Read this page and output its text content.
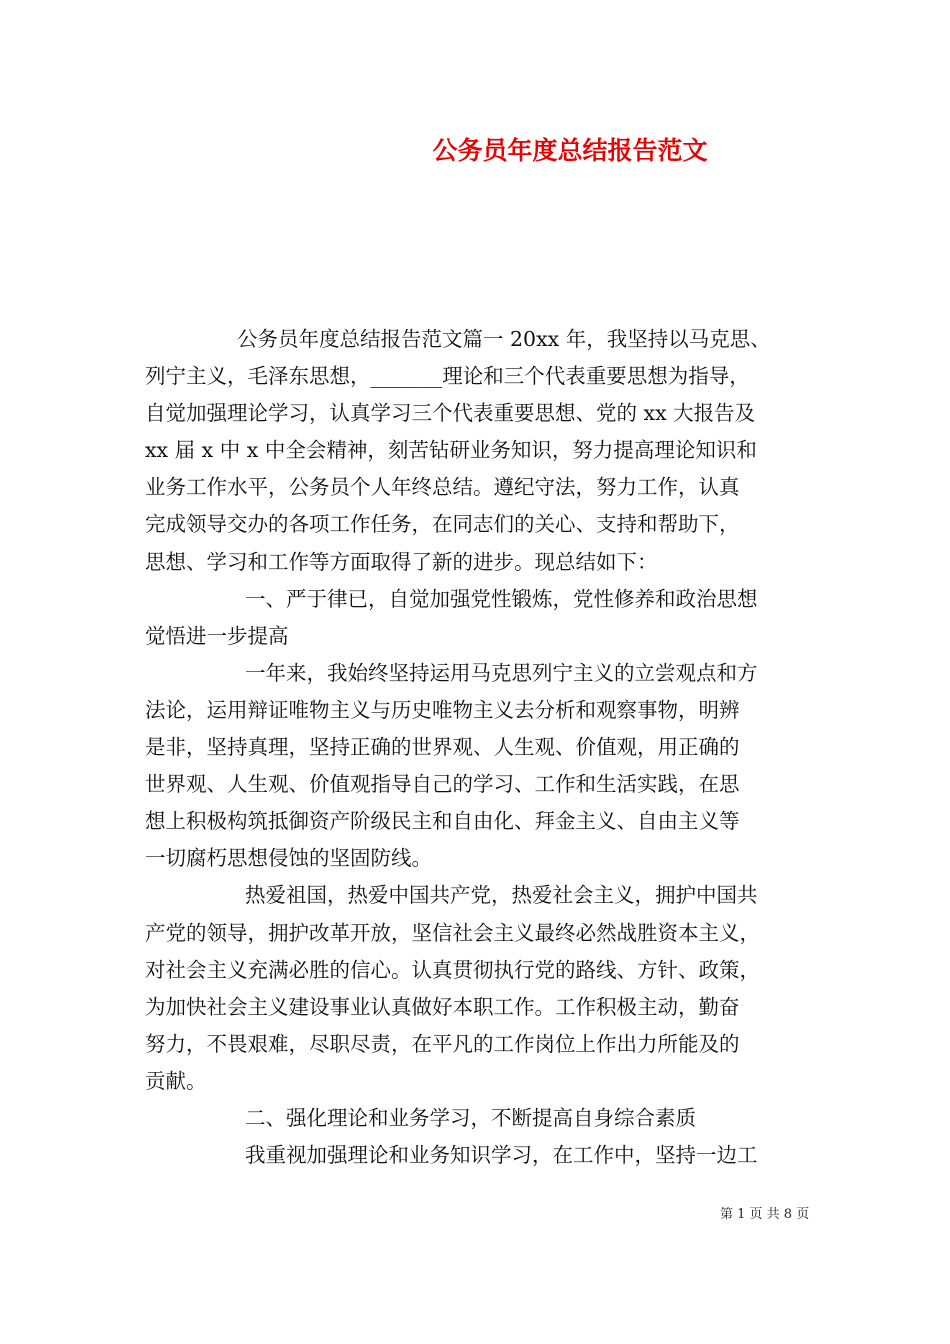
公务员年度总结报告范文
公务员年度总结报告范文篇一 20xx 年，我坚持以马克思、
列宁主义，毛泽东思想，_______理论和三个代表重要思想为指导，
自觉加强理论学习，认真学习三个代表重要思想、党的 xx 大报告及
xx 届 x 中 x 中全会精神，刻苦钻研业务知识，努力提高理论知识和
业务工作水平，公务员个人年终总结。遵纪守法，努力工作，认真
完成领导交办的各项工作任务，在同志们的关心、支持和帮助下，
思想、学习和工作等方面取得了新的进步。现总结如下：
一、严于律已，自觉加强党性锻炼，党性修养和政治思想
觉悟进一步提高
一年来，我始终坚持运用马克思列宁主义的立尝观点和方
法论，运用辩证唯物主义与历史唯物主义去分析和观察事物，明辨
是非，坚持真理，坚持正确的世界观、人生观、价值观，用正确的
世界观、人生观、价值观指导自己的学习、工作和生活实践，在思
想上积极构筑抵御资产阶级民主和自由化、拜金主义、自由主义等
一切腐朽思想侵蚀的坚固防线。
热爱祖国，热爱中国共产党，热爱社会主义，拥护中国共
产党的领导，拥护改革开放，坚信社会主义最终必然战胜资本主义，
对社会主义充满必胜的信心。认真贯彻执行党的路线、方针、政策，
为加快社会主义建设事业认真做好本职工作。工作积极主动，勤奋
努力，不畏艰难，尽职尽责，在平凡的工作岗位上作出力所能及的
贡献。
二、强化理论和业务学习，不断提高自身综合素质
我重视加强理论和业务知识学习，在工作中，坚持一边工
第 1 页 共 8 页
